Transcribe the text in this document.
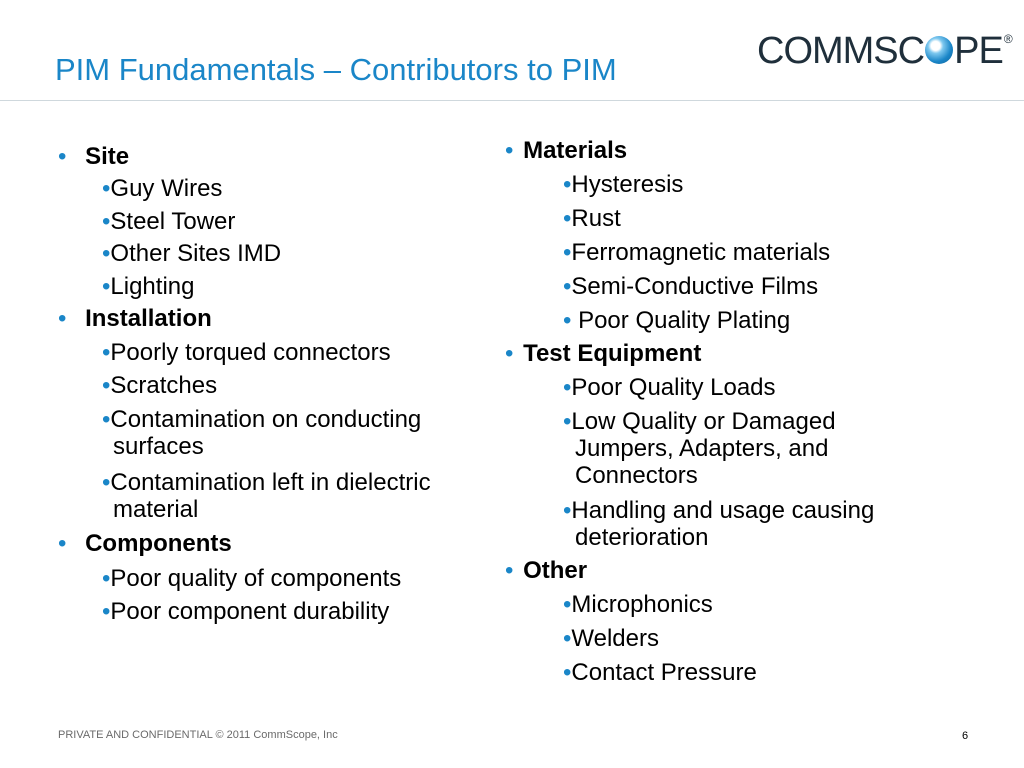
PIM Fundamentals – Contributors to PIM	COMMSC PE®
• Site
•Guy Wires
•Steel Tower
•Other Sites IMD
•Lighting
• Installation
•Poorly torqued connectors
•Scratches
•Contamination on conducting
surfaces
•Contamination left in dielectric
material
• Components
•Poor quality of components
•Poor component durability
• Materials
•Hysteresis
•Rust
•Ferromagnetic materials
•Semi-Conductive Films
• Poor Quality Plating
• Test Equipment
•Poor Quality Loads
•Low Quality or Damaged
Jumpers, Adapters, and
Connectors
•Handling and usage causing
deterioration
• Other
•Microphonics
•Welders
•Contact Pressure
PRIVATE AND CONFIDENTIAL © 2011 CommScope, Inc	6
